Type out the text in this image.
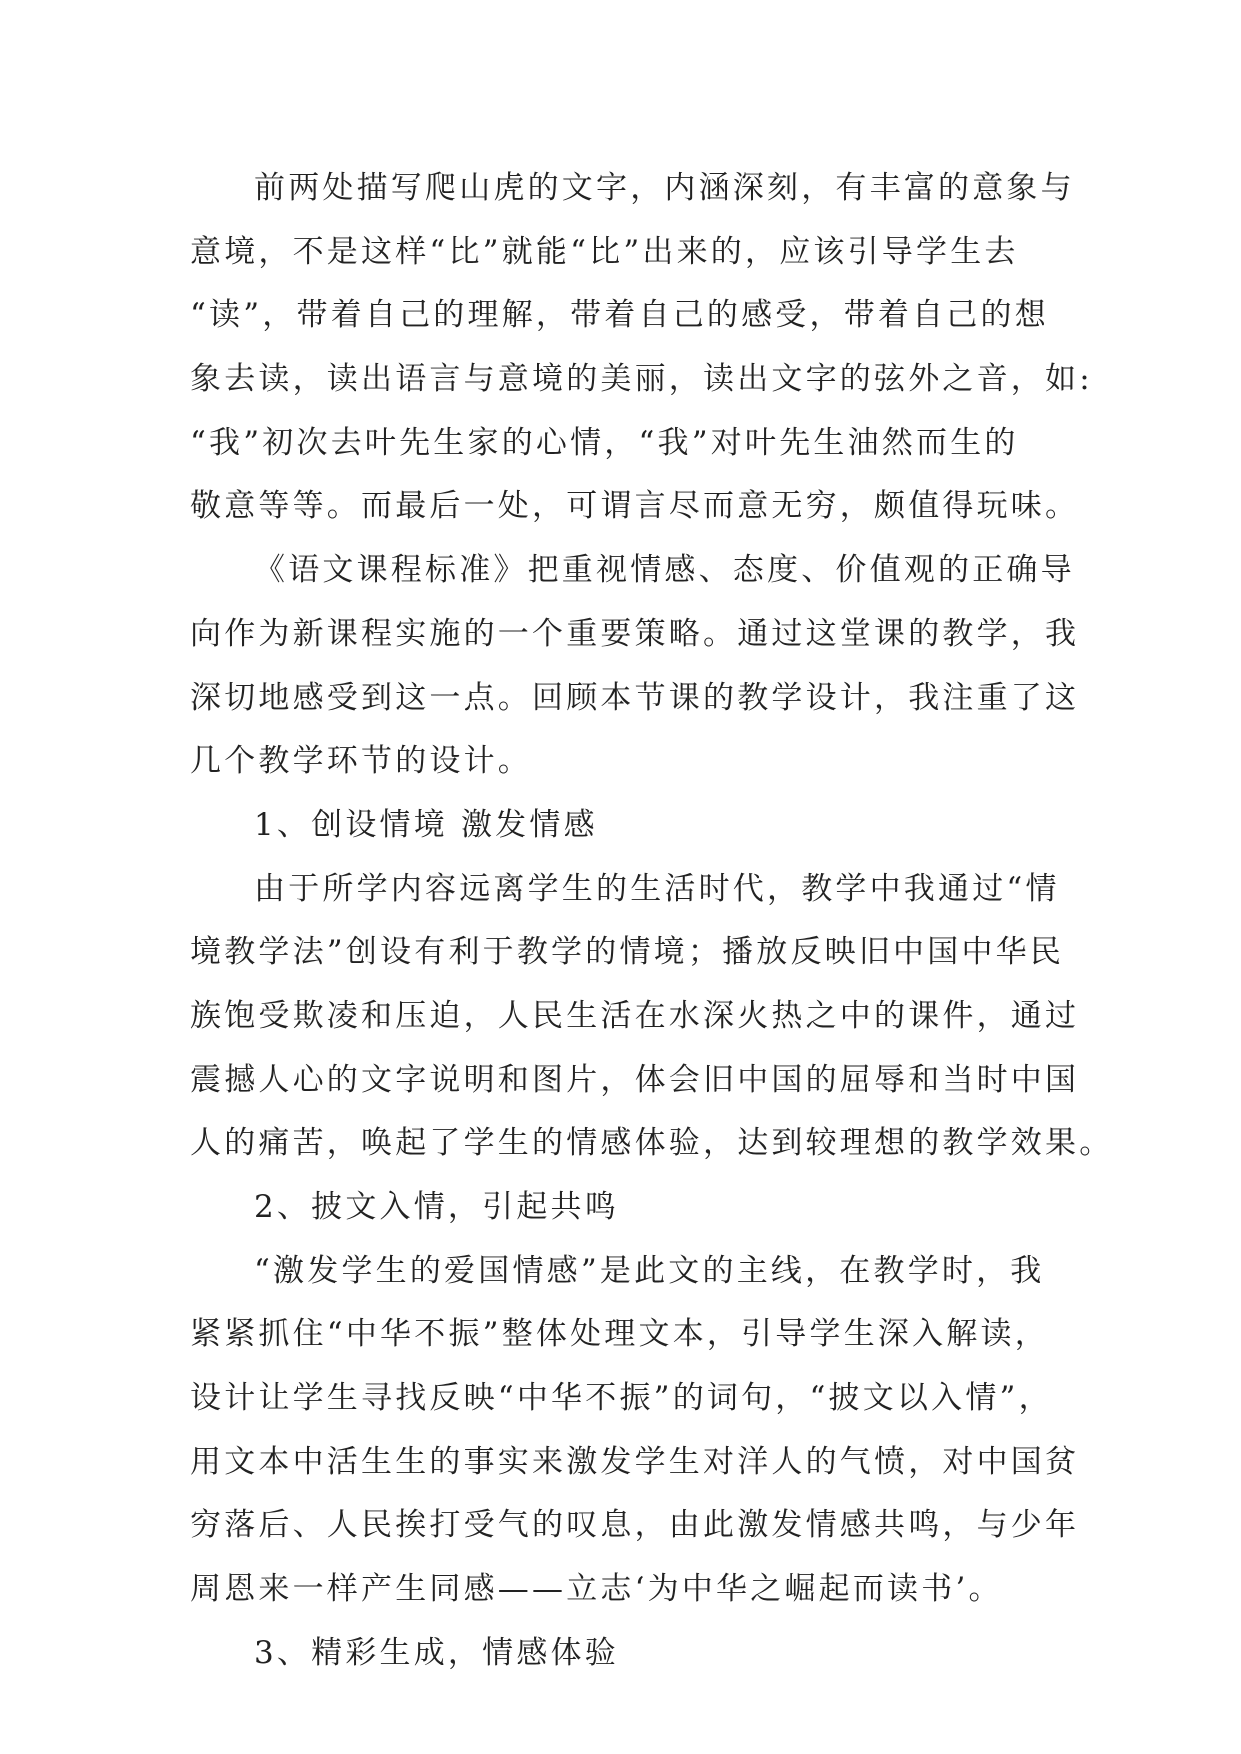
前两处描写爬山虎的文字，内涵深刻，有丰富的意象与
意境，不是这样“比”就能“比”出来的，应该引导学生去
“读”，带着自己的理解，带着自己的感受，带着自己的想
象去读，读出语言与意境的美丽，读出文字的弦外之音，如:
“我”初次去叶先生家的心情，“我”对叶先生油然而生的
敬意等等。而最后一处，可谓言尽而意无穷，颇值得玩味。
《语文课程标准》把重视情感、态度、价值观的正确导
向作为新课程实施的一个重要策略。通过这堂课的教学，我
深切地感受到这一点。回顾本节课的教学设计，我注重了这
几个教学环节的设计。
1、创设情境 激发情感
由于所学内容远离学生的生活时代，教学中我通过“情
境教学法”创设有利于教学的情境；播放反映旧中国中华民
族饱受欺凌和压迫，人民生活在水深火热之中的课件，通过
震撼人心的文字说明和图片，体会旧中国的屈辱和当时中国
人的痛苦，唤起了学生的情感体验，达到较理想的教学效果。
2、披文入情，引起共鸣
“激发学生的爱国情感”是此文的主线，在教学时，我
紧紧抓住“中华不振”整体处理文本，引导学生深入解读，
设计让学生寻找反映“中华不振”的词句，“披文以入情”，
用文本中活生生的事实来激发学生对洋人的气愤，对中国贫
穷落后、人民挨打受气的叹息，由此激发情感共鸣，与少年
周恩来一样产生同感——立志‘为中华之崛起而读书’。
3、精彩生成，情感体验
